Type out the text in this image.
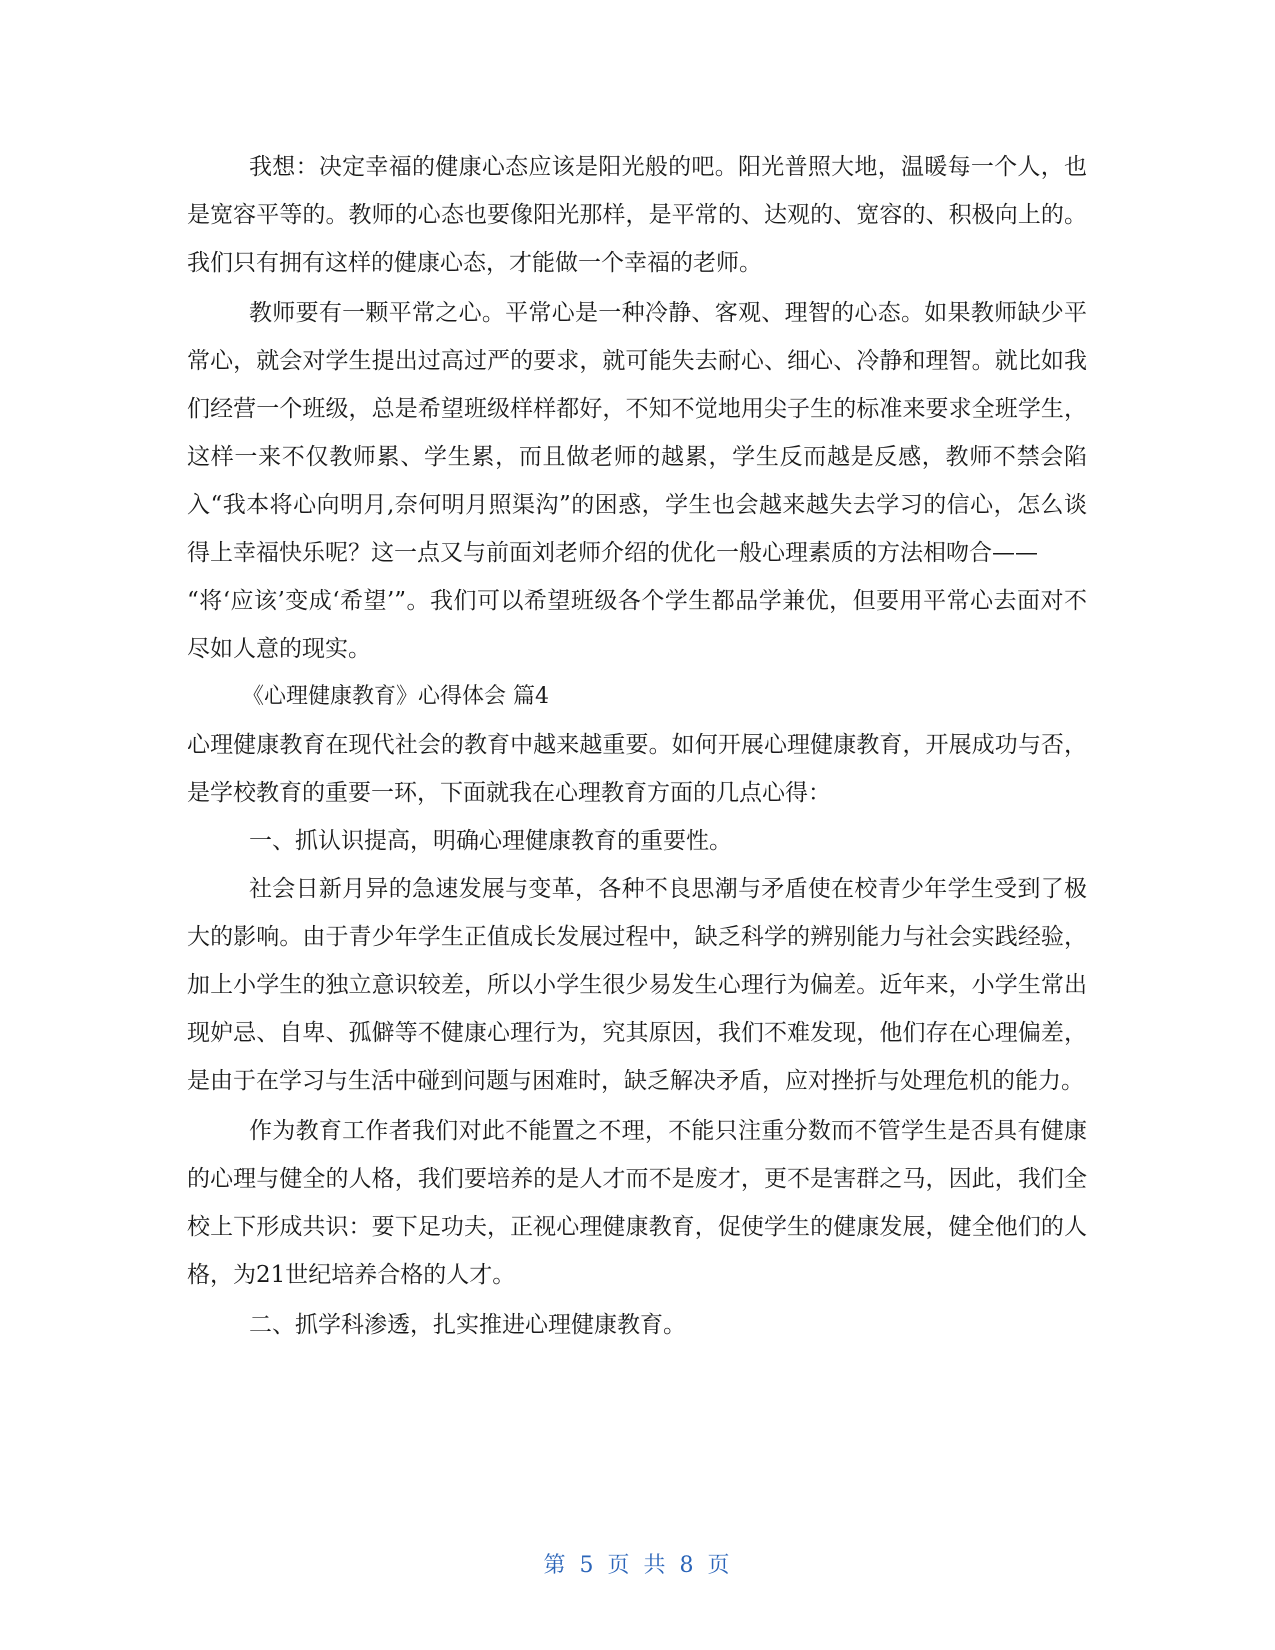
我想：决定幸福的健康心态应该是阳光般的吧。阳光普照大地，温暖每一个人，也是宽容平等的。教师的心态也要像阳光那样，是平常的、达观的、宽容的、积极向上的。我们只有拥有这样的健康心态，才能做一个幸福的老师。

教师要有一颗平常之心。平常心是一种冷静、客观、理智的心态。如果教师缺少平常心，就会对学生提出过高过严的要求，就可能失去耐心、细心、冷静和理智。就比如我们经营一个班级，总是希望班级样样都好，不知不觉地用尖子生的标准来要求全班学生，这样一来不仅教师累、学生累，而且做老师的越累，学生反而越是反感，教师不禁会陷入“我本将心向明月,奈何明月照渠沟”的困惑，学生也会越来越失去学习的信心，怎么谈得上幸福快乐呢？这一点又与前面刘老师介绍的优化一般心理素质的方法相吻合——

“将‘应该’变成‘希望’”。我们可以希望班级各个学生都品学兼优，但要用平常心去面对不尽如人意的现实。

《心理健康教育》心得体会 篇4

心理健康教育在现代社会的教育中越来越重要。如何开展心理健康教育，开展成功与否，是学校教育的重要一环，下面就我在心理教育方面的几点心得：

一、抓认识提高，明确心理健康教育的重要性。

社会日新月异的急速发展与变革，各种不良思潮与矛盾使在校青少年学生受到了极大的影响。由于青少年学生正值成长发展过程中，缺乏科学的辨别能力与社会实践经验，加上小学生的独立意识较差，所以小学生很少易发生心理行为偏差。近年来，小学生常出现妒忌、自卑、孤僻等不健康心理行为，究其原因，我们不难发现，他们存在心理偏差，是由于在学习与生活中碰到问题与困难时，缺乏解决矛盾，应对挫折与处理危机的能力。

作为教育工作者我们对此不能置之不理，不能只注重分数而不管学生是否具有健康的心理与健全的人格，我们要培养的是人才而不是废才，更不是害群之马，因此，我们全校上下形成共识：要下足功夫，正视心理健康教育，促使学生的健康发展，健全他们的人格，为21世纪培养合格的人才。

二、抓学科渗透，扎实推进心理健康教育。

第 5 页 共 8 页
